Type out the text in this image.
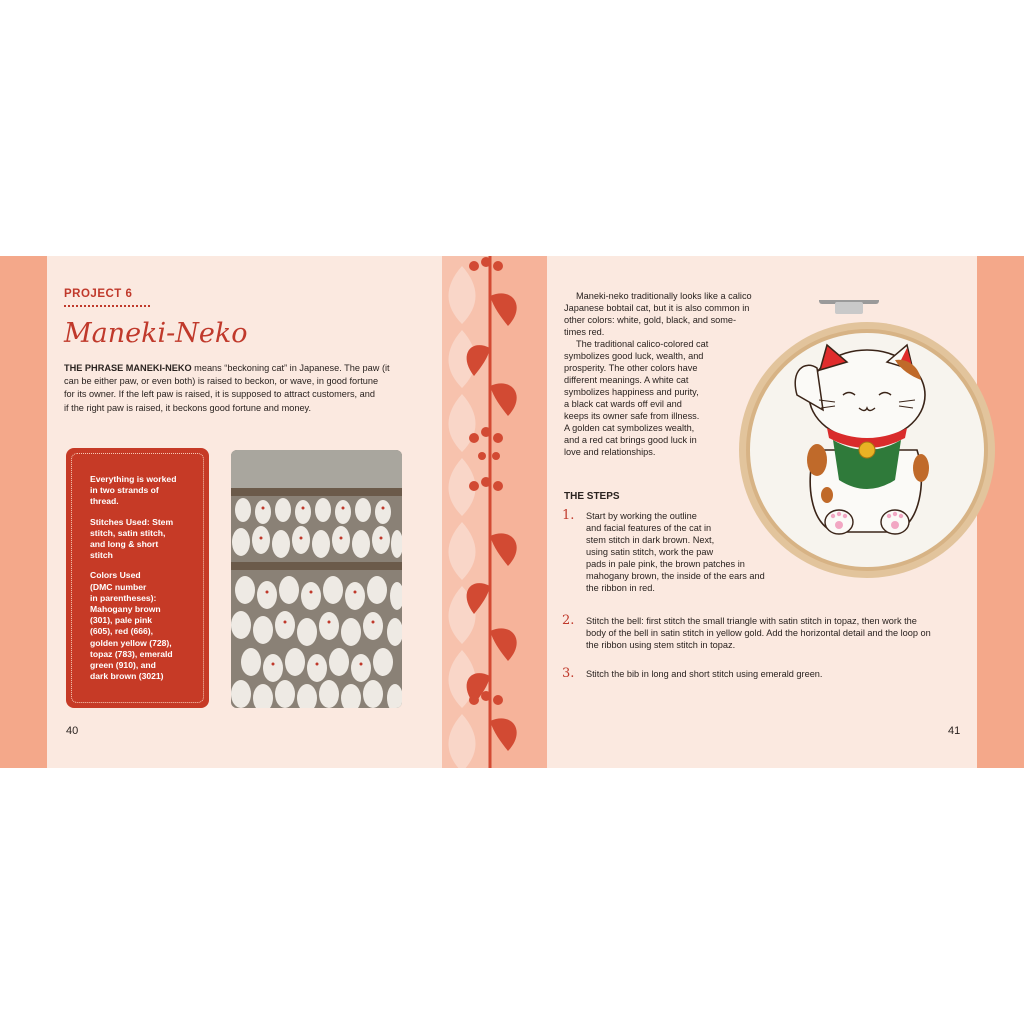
PROJECT 6
Maneki-Neko
THE PHRASE MANEKI-NEKO means “beckoning cat” in Japanese. The paw (it
can be either paw, or even both) is raised to beckon, or wave, in good fortune
for its owner. If the left paw is raised, it is supposed to attract customers, and
if the right paw is raised, it beckons good fortune and money.

Everything is worked
in two strands of
thread.

Stitches Used: Stem
stitch, satin stitch,
and long & short
stitch

Colors Used
(DMC number
in parentheses):
Mahogany brown
(301), pale pink
(605), red (666),
golden yellow (728),
topaz (783), emerald
green (910), and
dark brown (3021)

40
Maneki-neko traditionally looks like a calico
Japanese bobtail cat, but it is also common in
other colors: white, gold, black, and some-
times red.
The traditional calico-colored cat
symbolizes good luck, wealth, and
prosperity. The other colors have
different meanings. A white cat
symbolizes happiness and purity,
a black cat wards off evil and
keeps its owner safe from illness.
A golden cat symbolizes wealth,
and a red cat brings good luck in
love and relationships.
THE STEPS
1. Start by working the outline
and facial features of the cat in
stem stitch in dark brown. Next,
using satin stitch, work the paw
pads in pale pink, the brown patches in
mahogany brown, the inside of the ears and
the ribbon in red.
2. Stitch the bell: first stitch the small triangle with satin stitch in topaz, then work the
body of the bell in satin stitch in yellow gold. Add the horizontal detail and the loop on
the ribbon using stem stitch in topaz.
3. Stitch the bib in long and short stitch using emerald green.
41
